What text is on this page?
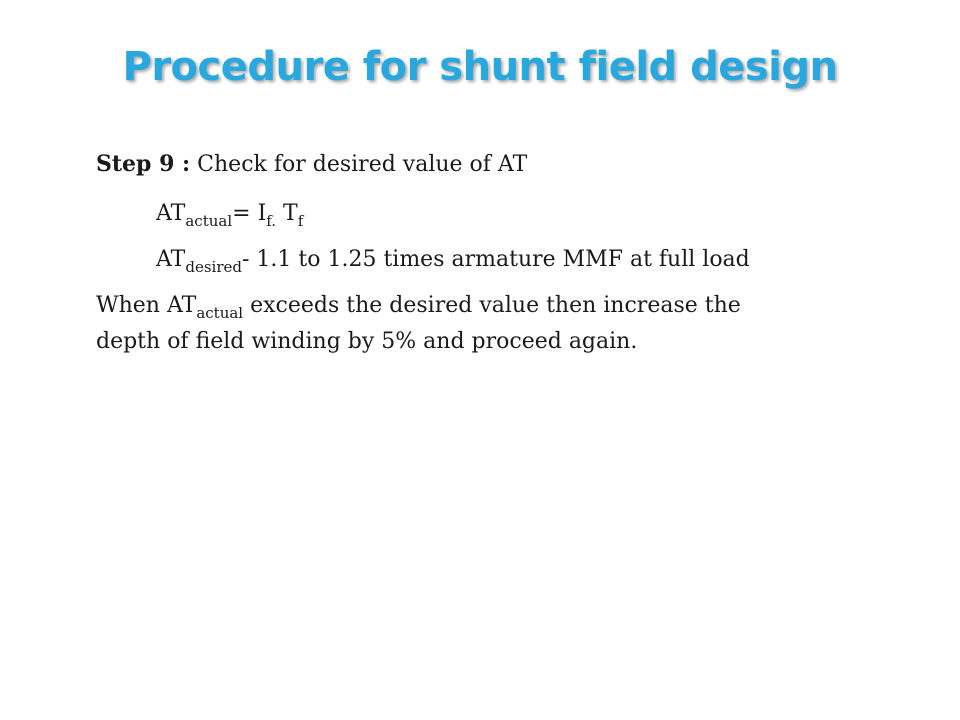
Procedure for shunt field design
Step 9 : Check for desired value of AT
$AT_{actual}= I_{f.}$ $T_f$
$AT_{desired}-$ 1.1 to 1.25 times armature MMF at full load
When $AT_{actual}$ exceeds the desired value then increase the
depth of field winding by 5% and proceed again.
